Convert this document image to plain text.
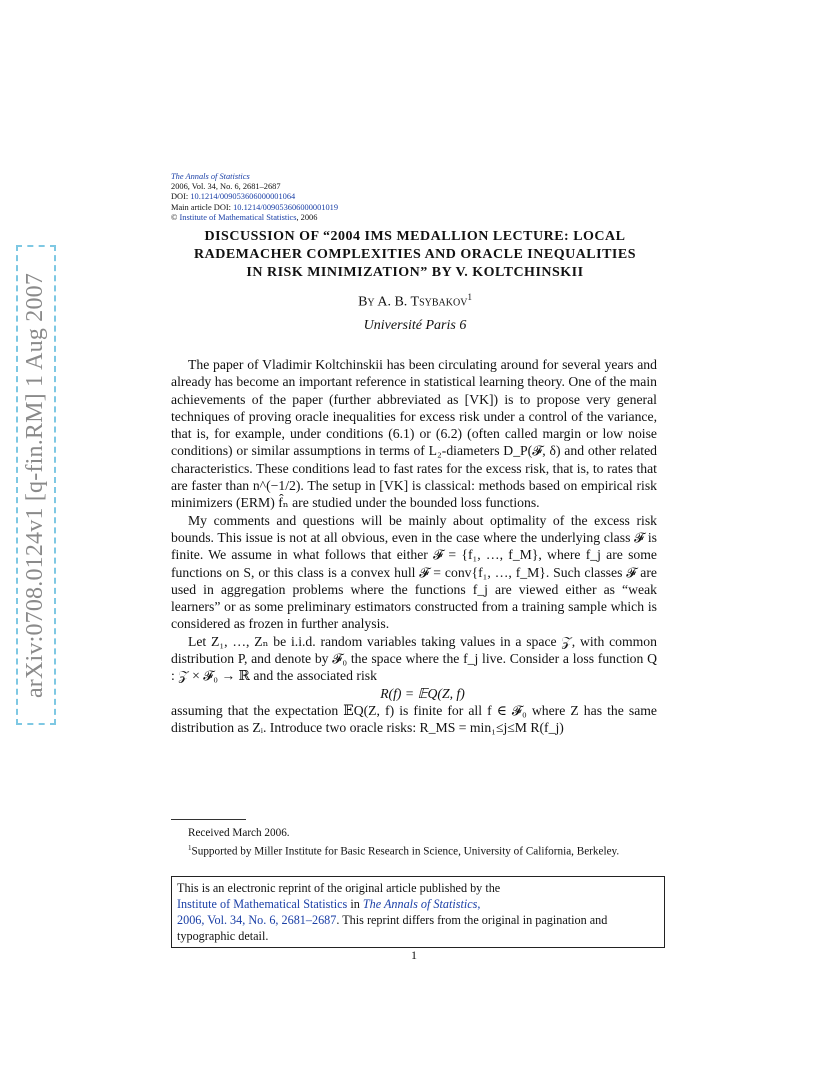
arXiv:0708.0124v1 [q-fin.RM] 1 Aug 2007
The Annals of Statistics
2006, Vol. 34, No. 6, 2681–2687
DOI: 10.1214/009053606000001064
Main article DOI: 10.1214/009053606000001019
© Institute of Mathematical Statistics, 2006
DISCUSSION OF “2004 IMS MEDALLION LECTURE: LOCAL
RADEMACHER COMPLEXITIES AND ORACLE INEQUALITIES
IN RISK MINIMIZATION” BY V. KOLTCHINSKII
By A. B. Tsybakov$^1$
Université Paris 6

The paper of Vladimir Koltchinskii has been circulating around for several years and already has become an important reference in statistical learning theory. One of the main achievements of the paper (further abbreviated as [VK]) is to propose very general techniques of proving oracle inequalities for excess risk under a control of the variance, that is, for example, under conditions (6.1) or (6.2) (often called margin or low noise conditions) or similar assumptions in terms of L₂-diameters D_P(𝓕, δ) and other related characteristics. These conditions lead to fast rates for the excess risk, that is, to rates that are faster than n^(−1/2). The setup in [VK] is classical: methods based on empirical risk minimizers (ERM) f̂ₙ are studied under the bounded loss functions.

My comments and questions will be mainly about optimality of the excess risk bounds. This issue is not at all obvious, even in the case where the underlying class 𝓕 is finite. We assume in what follows that either 𝓕 = {f₁, …, f_M}, where f_j are some functions on S, or this class is a convex hull 𝓕 = conv{f₁, …, f_M}. Such classes 𝓕 are used in aggregation problems where the functions f_j are viewed either as “weak learners” or as some preliminary estimators constructed from a training sample which is considered as frozen in further analysis.

Let Z₁, …, Zₙ be i.i.d. random variables taking values in a space 𝒵, with common distribution P, and denote by 𝓕₀ the space where the f_j live. Consider a loss function Q : 𝒵 × 𝓕₀ → ℝ and the associated risk

R(f) = 𝔼Q(Z, f)

assuming that the expectation 𝔼Q(Z, f) is finite for all f ∈ 𝓕₀ where Z has the same distribution as Zᵢ. Introduce two oracle risks: R_MS = min₁≤j≤M R(f_j)

Received March 2006.

$^1$Supported by Miller Institute for Basic Research in Science, University of California, Berkeley.

This is an electronic reprint of the original article published by the
Institute of Mathematical Statistics in The Annals of Statistics,
2006, Vol. 34, No. 6, 2681–2687. This reprint differs from the original in pagination and typographic detail.
1
